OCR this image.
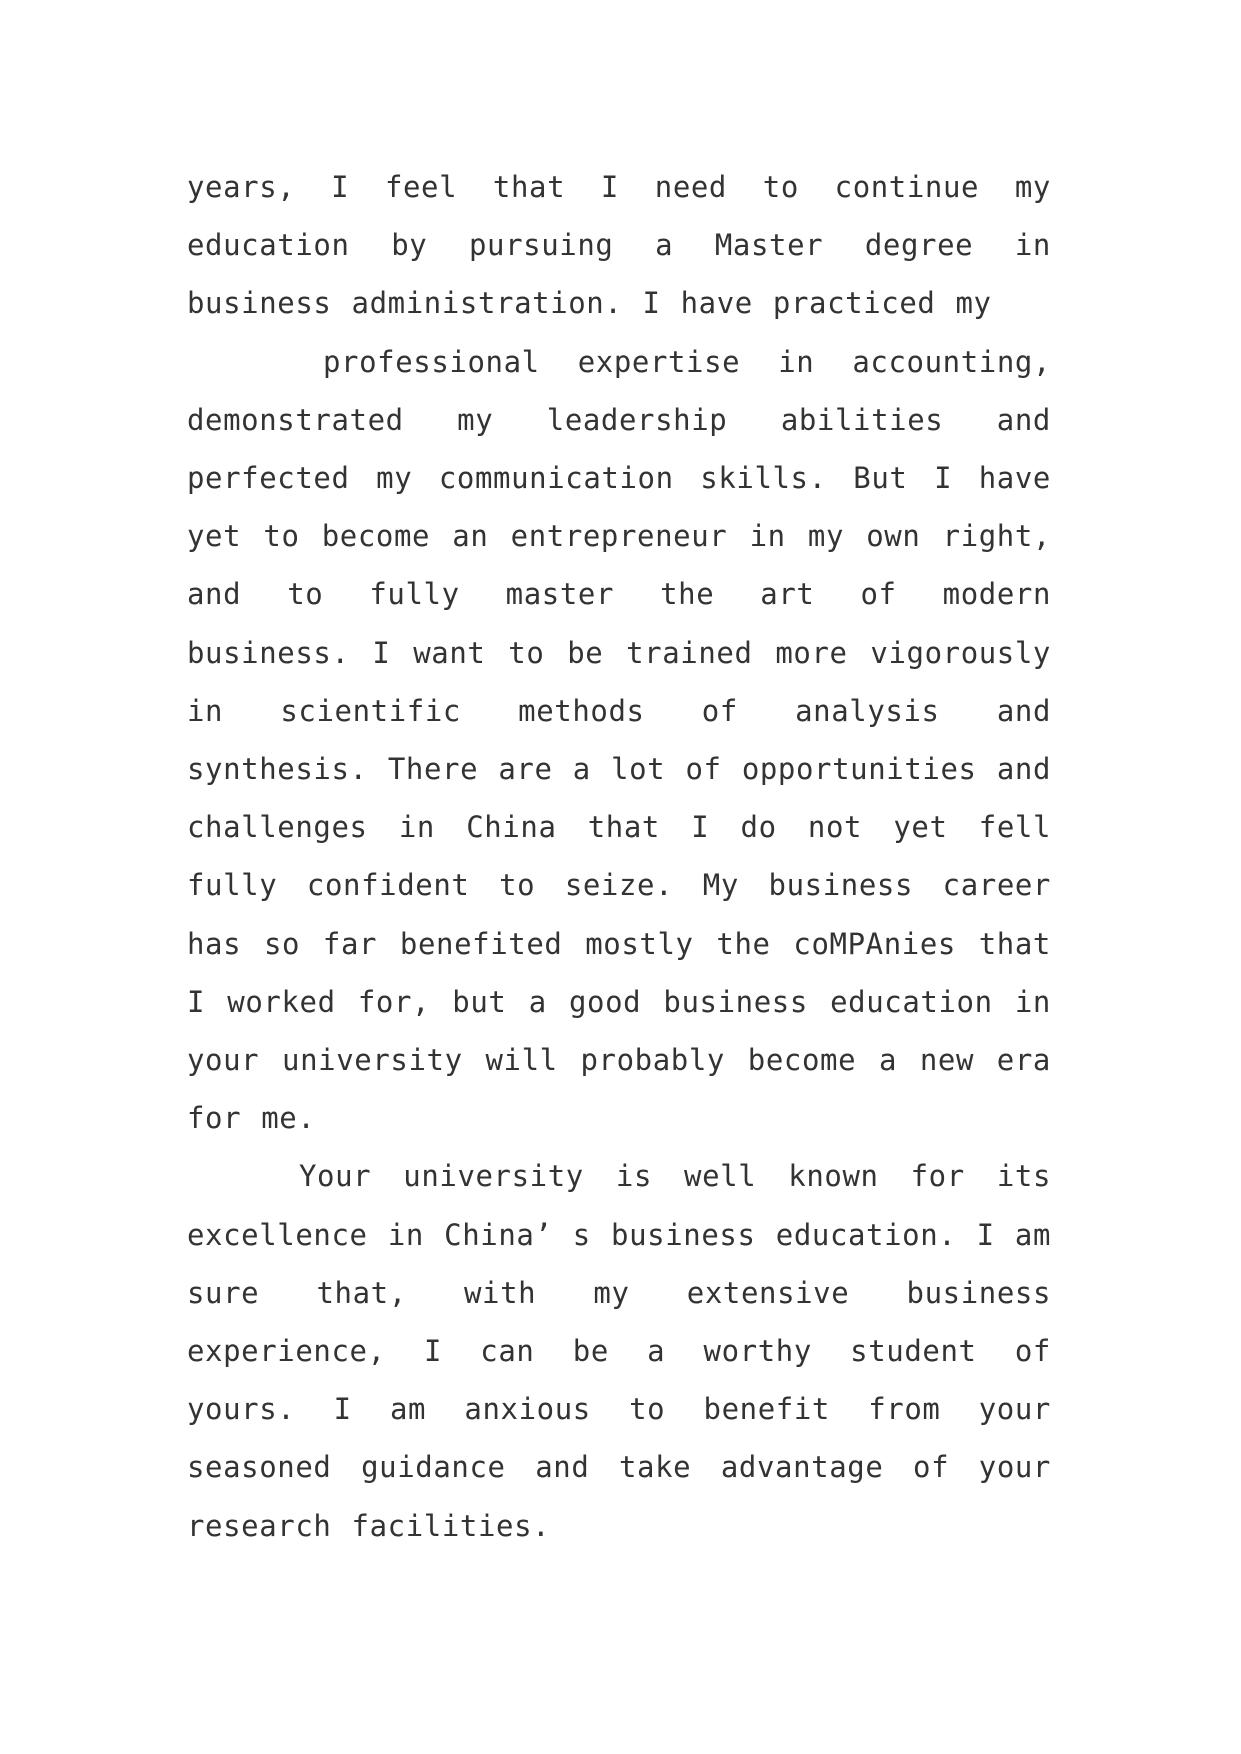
years, I feel that I need to continue my education by pursuing a Master degree in business administration. I have practiced my

professional expertise in accounting, demonstrated my leadership abilities and perfected my communication skills. But I have yet to become an entrepreneur in my own right, and to fully master the art of modern business. I want to be trained more vigorously in scientific methods of analysis and synthesis. There are a lot of opportunities and challenges in China that I do not yet fell fully confident to seize. My business career has so far benefited mostly the coMPAnies that I worked for, but a good business education in your university will probably become a new era for me.

Your university is well known for its excellence in China’ s business education. I am sure that, with my extensive business experience, I can be a worthy student of yours. I am anxious to benefit from your seasoned guidance and take advantage of your research facilities.
